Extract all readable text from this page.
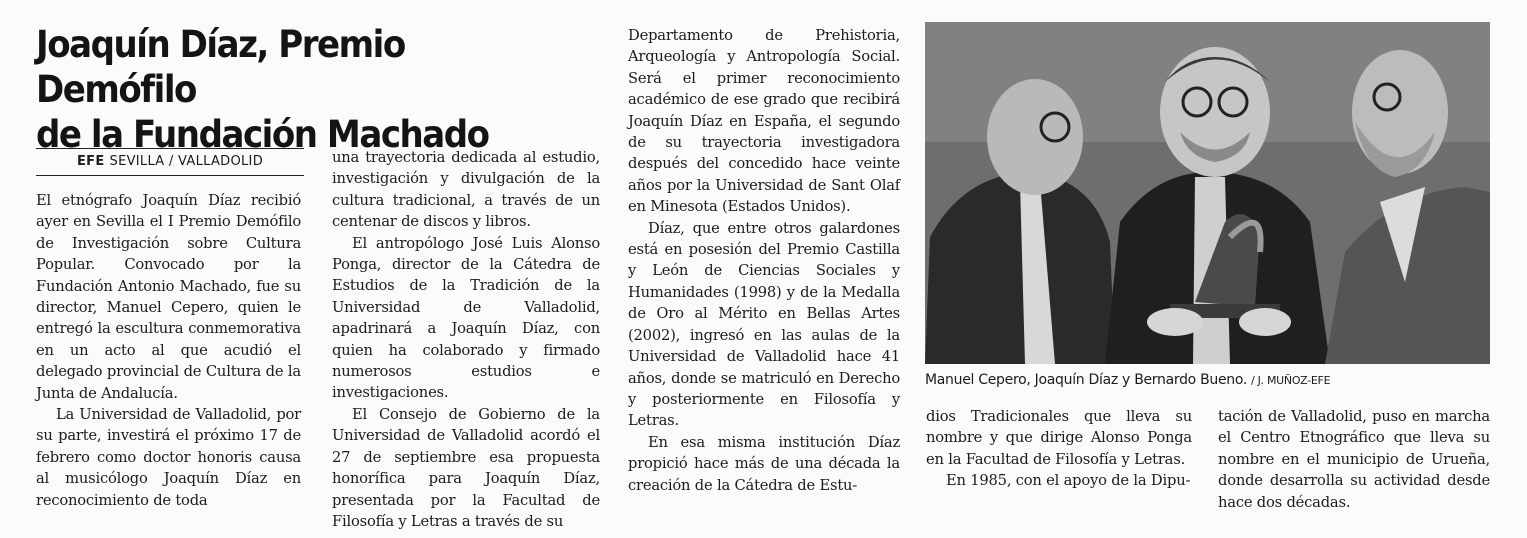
Joaquín Díaz, Premio Demófilo
de la Fundación Machado
EFE SEVILLA / VALLADOLID

El etnógrafo Joaquín Díaz recibió ayer en Sevilla el I Premio Demófilo de Investigación sobre Cultura Popular. Convocado por la Fundación Antonio Machado, fue su director, Manuel Cepero, quien le entregó la escultura conmemorativa en un acto al que acudió el delegado provincial de Cultura de la Junta de Andalucía.

La Universidad de Valladolid, por su parte, investirá el próximo 17 de febrero como doctor honoris causa al musicólogo Joaquín Díaz en reconocimiento de toda

una trayectoria dedicada al estudio, investigación y divulgación de la cultura tradicional, a través de un centenar de discos y libros.

El antropólogo José Luis Alonso Ponga, director de la Cátedra de Estudios de la Tradición de la Universidad de Valladolid, apadrinará a Joaquín Díaz, con quien ha colaborado y firmado numerosos estudios e investigaciones.

El Consejo de Gobierno de la Universidad de Valladolid acordó el 27 de septiembre esa propuesta honorífica para Joaquín Díaz, presentada por la Facultad de Filosofía y Letras a través de su

Departamento de Prehistoria, Arqueología y Antropología Social. Será el primer reconocimiento académico de ese grado que recibirá Joaquín Díaz en España, el segundo de su trayectoria investigadora después del concedido hace veinte años por la Universidad de Sant Olaf en Minesota (Estados Unidos).

Díaz, que entre otros galardones está en posesión del Premio Castilla y León de Ciencias Sociales y Humanidades (1998) y de la Medalla de Oro al Mérito en Bellas Artes (2002), ingresó en las aulas de la Universidad de Valladolid hace 41 años, donde se matriculó en Derecho y posteriormente en Filosofía y Letras.

En esa misma institución Díaz propició hace más de una década la creación de la Cátedra de Estu-

Manuel Cepero, Joaquín Díaz y Bernardo Bueno. / J. MUÑOZ-EFE

dios Tradicionales que lleva su nombre y que dirige Alonso Ponga en la Facultad de Filosofía y Letras.

En 1985, con el apoyo de la Dipu-

tación de Valladolid, puso en marcha el Centro Etnográfico que lleva su nombre en el municipio de Urueña, donde desarrolla su actividad desde hace dos décadas.
